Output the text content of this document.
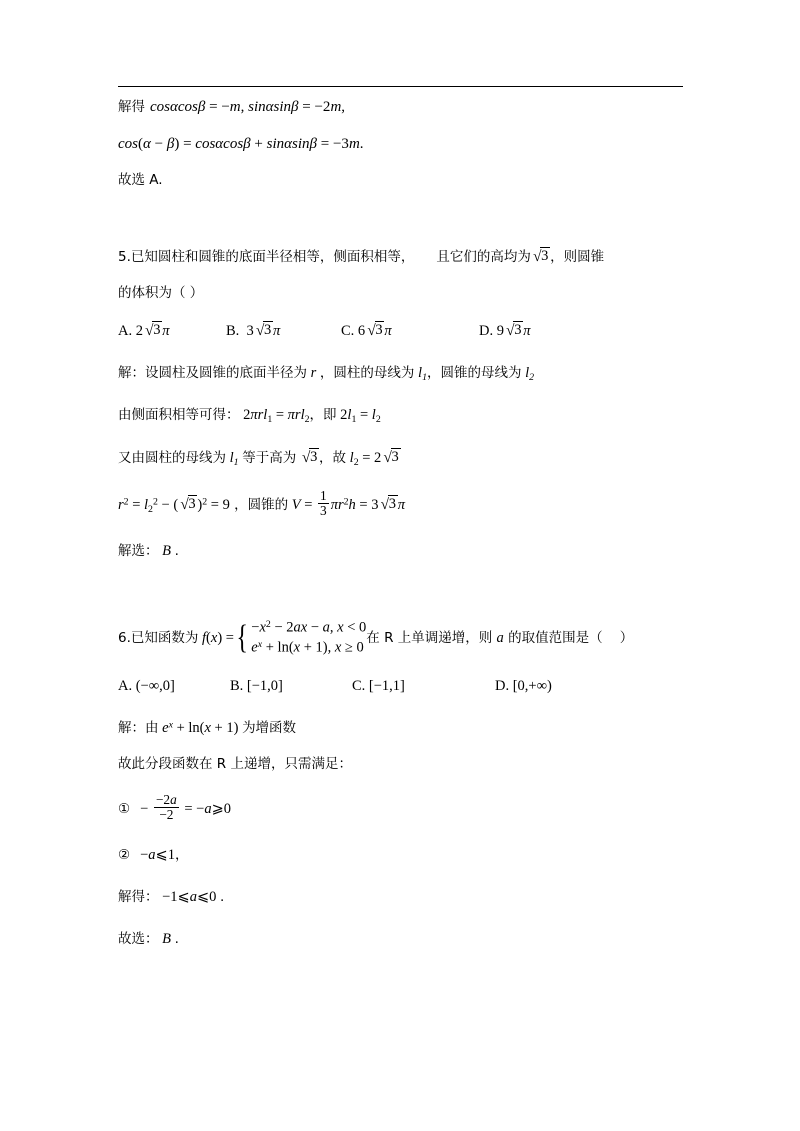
解得 cosαcosβ = −m, sinαsinβ = −2m,
cos(α − β) = cosαcosβ + sinαsinβ = −3m.
故选 A.
5.已知圆柱和圆锥的底面半径相等，侧面积相等， 且它们的高均为 √3 ，则圆锥
的体积为（ ）
A. 2 √3 π	B.  3 √3 π	C. 6 √3 π	D. 9 √3 π
解：设圆柱及圆锥的底面半径为 r ，圆柱的母线为 $l_1$，圆锥的母线为 $l_2$
由侧面积相等可得： 2πrl$_1$ = πrl$_2$，即 $2l_1 = l_2$
又由圆柱的母线为 $l_1$ 等于高为 √3 ，故 $l_2 = 2$ √3
$r^2 = l_2^2$ − ( √3 )$^2$ = 9 ，圆锥的 $V = \frac{1}{3} \pi r^2h = 3$ √3 π
解选： B .
6.已知函数为 f(x) = { $-x^2 - 2ax - a$, x < 0
$e^x + \ln(x + 1)$, x ≥ 0
在 R 上单调递增，则 a 的取值范围是（    ）
A. (−∞,0]	B. [−1,0]	C. [−1,1]	D. [0,+∞)
解：由 $e^x + \ln(x + 1)$ 为增函数
故此分段函数在 R 上递增，只需满足：
① − $\frac{-2a}{-2}$ = −a⩾0
② −a⩽1，
解得： −1⩽a⩽0 .
故选： B .
